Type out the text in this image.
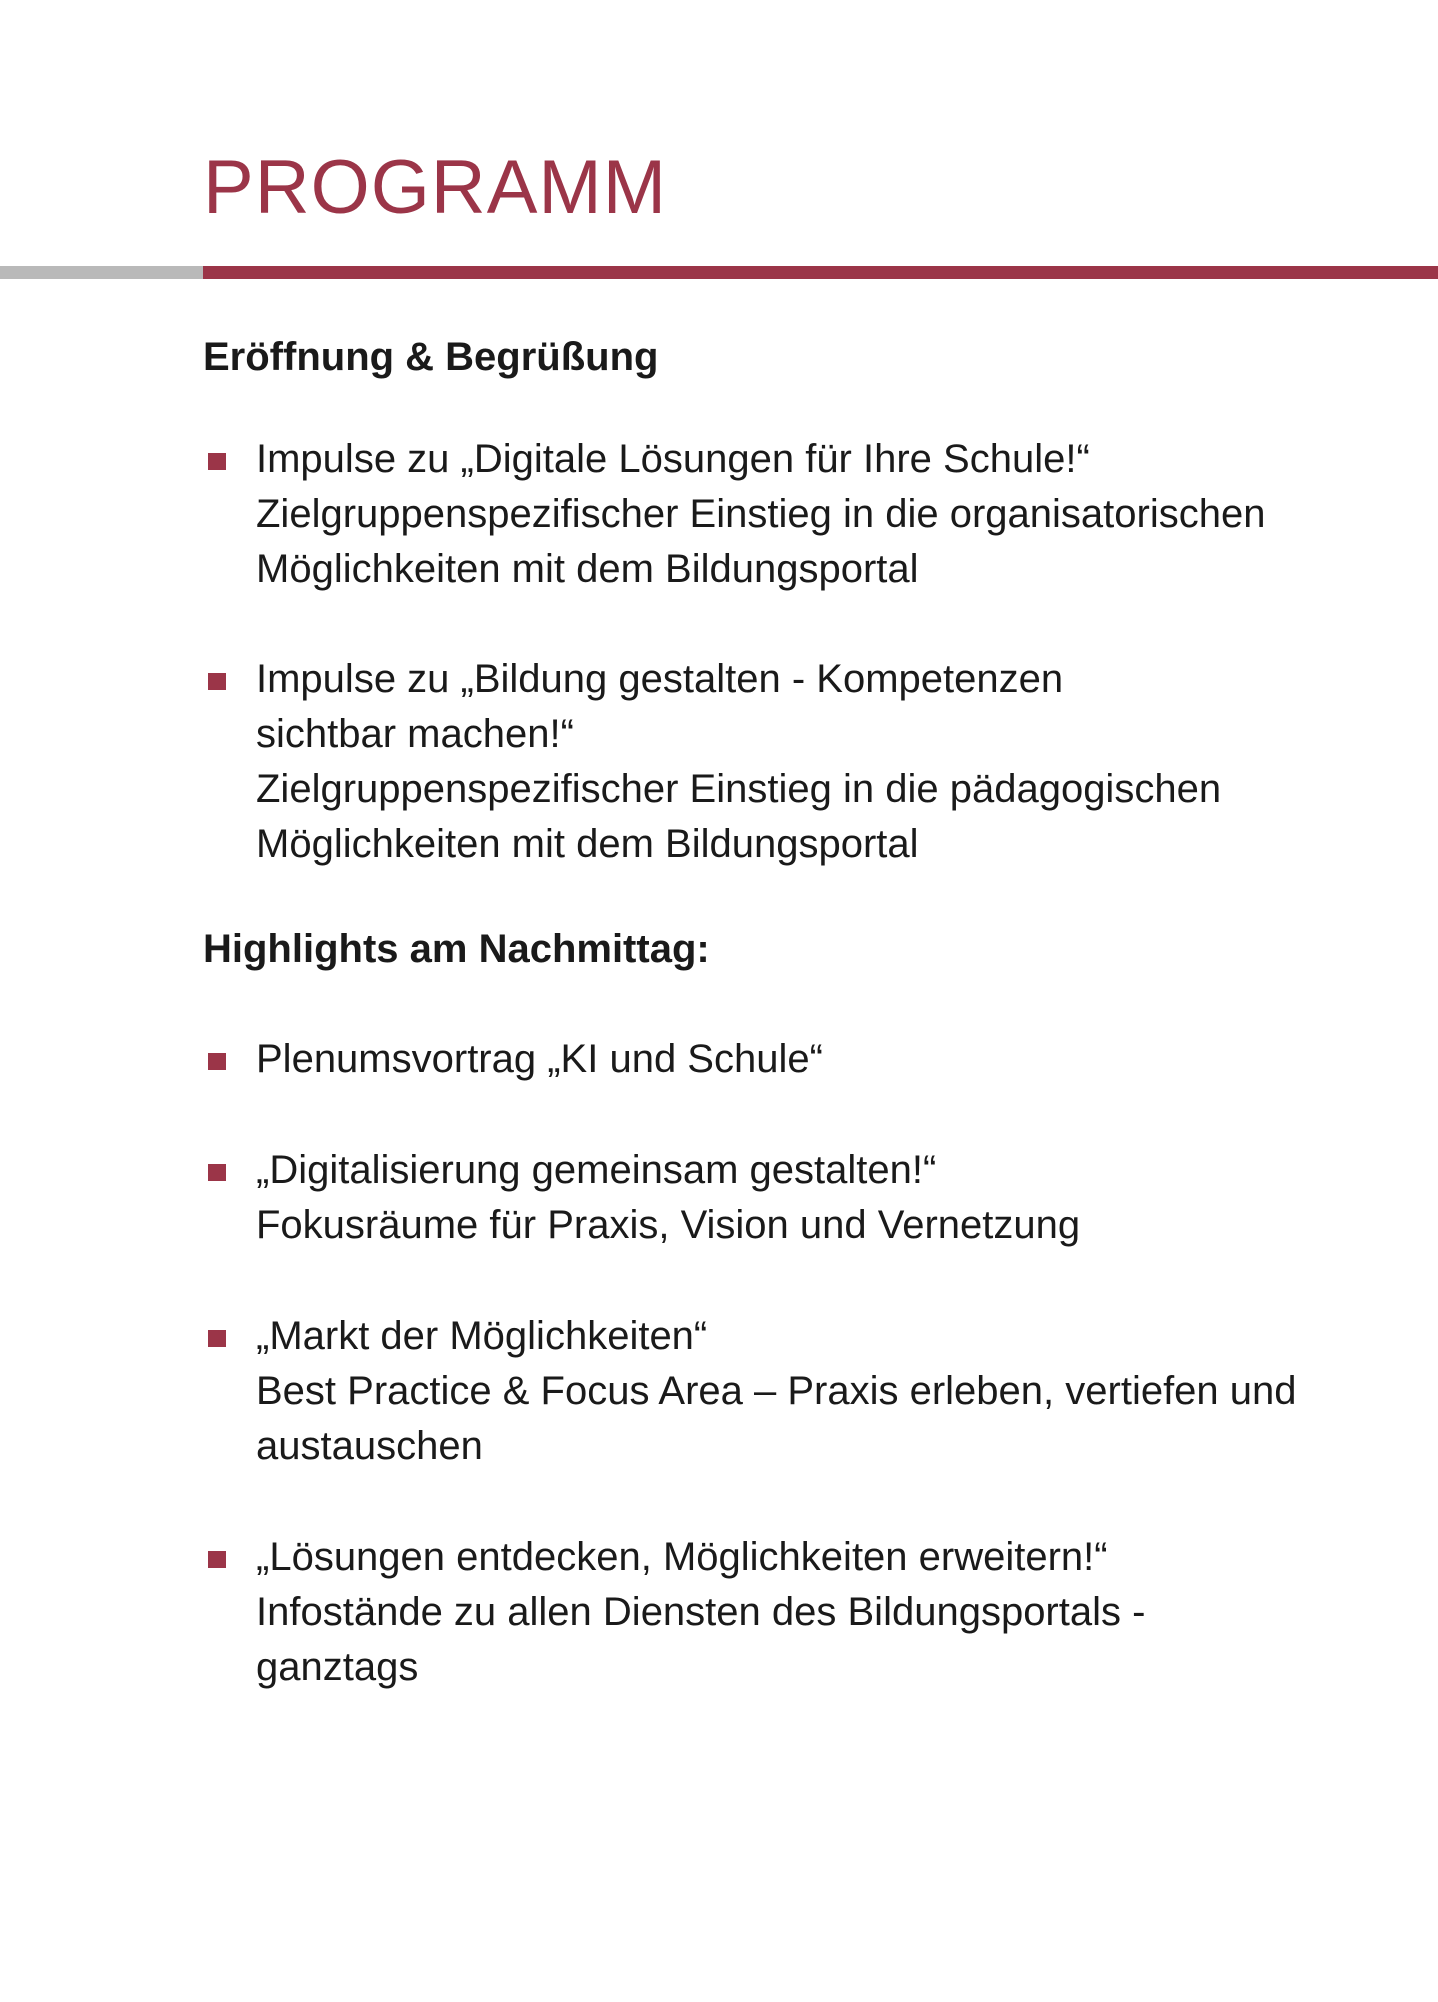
PROGRAMM
Eröffnung & Begrüßung
Impulse zu „Digitale Lösungen für Ihre Schule!“
Zielgruppenspezifischer Einstieg in die organisatorischen
Möglichkeiten mit dem Bildungsportal
Impulse zu „Bildung gestalten - Kompetenzen
sichtbar machen!“
Zielgruppenspezifischer Einstieg in die pädagogischen
Möglichkeiten mit dem Bildungsportal
Highlights am Nachmittag:
Plenumsvortrag „KI und Schule“
„Digitalisierung gemeinsam gestalten!“
Fokusräume für Praxis, Vision und Vernetzung
„Markt der Möglichkeiten“
Best Practice & Focus Area – Praxis erleben, vertiefen und
austauschen
„Lösungen entdecken, Möglichkeiten erweitern!“
Infostände zu allen Diensten des Bildungsportals -
ganztags
